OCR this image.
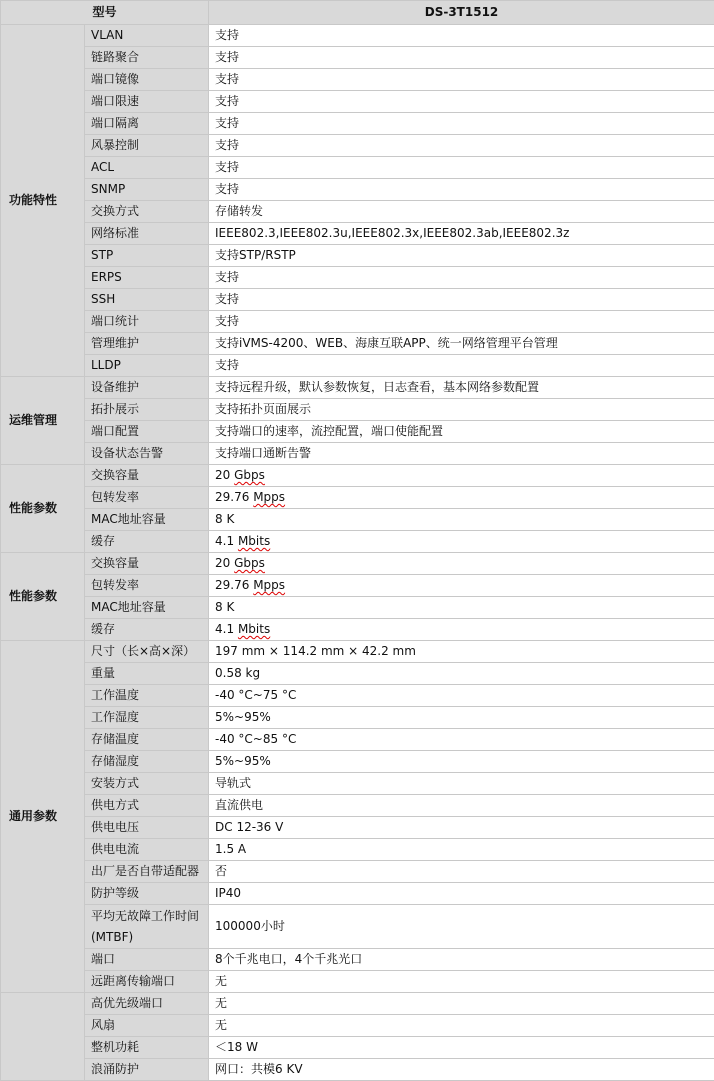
型号		DS-3T1512
功能特性	VLAN	支持
	链路聚合	支持
	端口镜像	支持
	端口限速	支持
	端口隔离	支持
	风暴控制	支持
	ACL	支持
	SNMP	支持
	交换方式	存储转发
	网络标准	IEEE802.3,IEEE802.3u,IEEE802.3x,IEEE802.3ab,IEEE802.3z
	STP	支持STP/RSTP
	ERPS	支持
	SSH	支持
	端口统计	支持
	管理维护	支持iVMS-4200、WEB、海康互联APP、统一网络管理平台管理
	LLDP	支持
运维管理	设备维护	支持远程升级，默认参数恢复，日志查看，基本网络参数配置
	拓扑展示	支持拓扑页面展示
	端口配置	支持端口的速率，流控配置，端口使能配置
	设备状态告警	支持端口通断告警
性能参数	交换容量	20 Gbps
	包转发率	29.76 Mpps
	MAC地址容量	8 K
	缓存	4.1 Mbits
性能参数	交换容量	20 Gbps
	包转发率	29.76 Mpps
	MAC地址容量	8 K
	缓存	4.1 Mbits
通用参数	尺寸（长×高×深）	197 mm × 114.2 mm × 42.2 mm
	重量	0.58 kg
	工作温度	-40 °C~75 °C
	工作湿度	5%~95%
	存储温度	-40 °C~85 °C
	存储湿度	5%~95%
	安装方式	导轨式
	供电方式	直流供电
	供电电压	DC 12-36 V
	供电电流	1.5 A
	出厂是否自带适配器	否
	防护等级	IP40
	平均无故障工作时间(MTBF)	100000小时
	端口	8个千兆电口，4个千兆光口
	远距离传输端口	无
	高优先级端口	无
	风扇	无
	整机功耗	＜18 W
	浪涌防护	网口：共模6 KV
